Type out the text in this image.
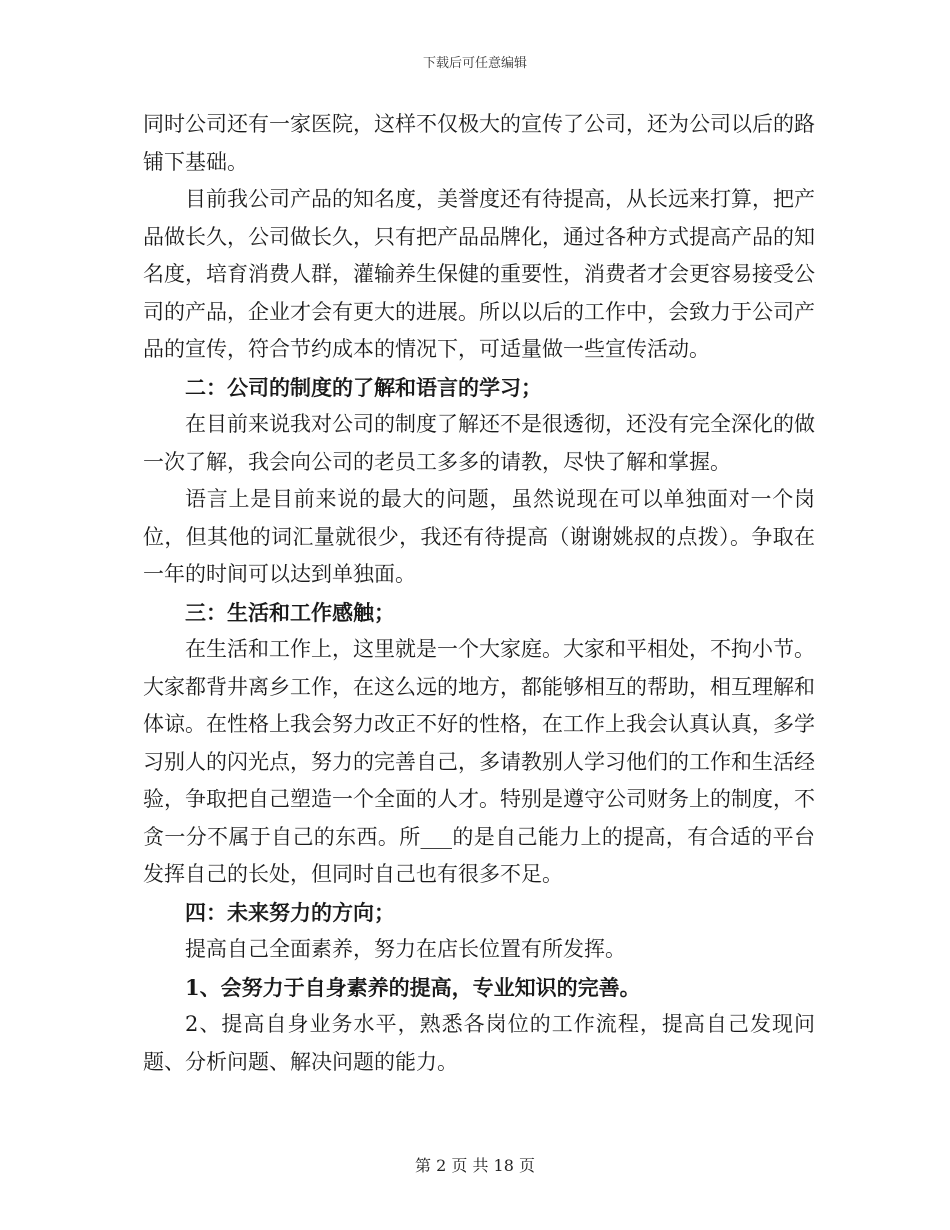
下载后可任意编辑

同时公司还有一家医院，这样不仅极大的宣传了公司，还为公司以后的路铺下基础。

目前我公司产品的知名度，美誉度还有待提高，从长远来打算，把产品做长久，公司做长久，只有把产品品牌化，通过各种方式提高产品的知名度，培育消费人群，灌输养生保健的重要性，消费者才会更容易接受公司的产品，企业才会有更大的进展。所以以后的工作中，会致力于公司产品的宣传，符合节约成本的情况下，可适量做一些宣传活动。

二：公司的制度的了解和语言的学习；

在目前来说我对公司的制度了解还不是很透彻，还没有完全深化的做一次了解，我会向公司的老员工多多的请教，尽快了解和掌握。

语言上是目前来说的最大的问题，虽然说现在可以单独面对一个岗位，但其他的词汇量就很少，我还有待提高（谢谢姚叔的点拨）。争取在一年的时间可以达到单独面。

三：生活和工作感触；

在生活和工作上，这里就是一个大家庭。大家和平相处，不拘小节。大家都背井离乡工作，在这么远的地方，都能够相互的帮助，相互理解和体谅。在性格上我会努力改正不好的性格，在工作上我会认真认真，多学习别人的闪光点，努力的完善自己，多请教别人学习他们的工作和生活经验，争取把自己塑造一个全面的人才。特别是遵守公司财务上的制度，不贪一分不属于自己的东西。所___的是自己能力上的提高，有合适的平台发挥自己的长处，但同时自己也有很多不足。

四：未来努力的方向；

提高自己全面素养，努力在店长位置有所发挥。

1、会努力于自身素养的提高，专业知识的完善。

2、提高自身业务水平，熟悉各岗位的工作流程，提高自己发现问题、分析问题、解决问题的能力。

第 2 页 共 18 页
